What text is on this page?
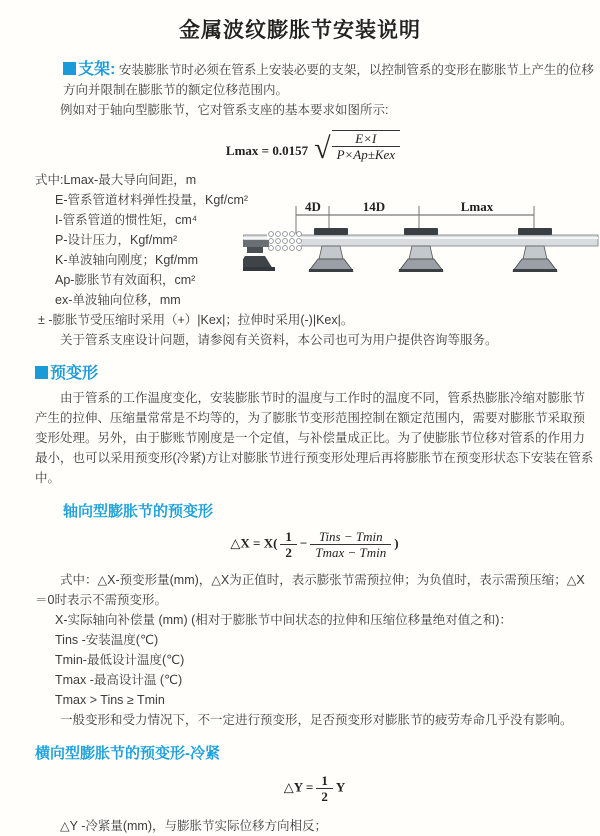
金属波纹膨胀节安装说明

支架: 安装膨胀节时必须在管系上安装必要的支架，以控制管系的变形在膨胀节上产生的位移方向并限制在膨胀节的额定位移范围内。

例如对于轴向型膨胀节，它对管系支座的基本要求如图所示:

Lmax = 0.0157 √ $\frac{E\times I}{\text{P×Ap±Kex}}$

式中:Lmax-最大导向间距，m

E-管系管道材料弹性投量，Kgf/cm²

I-管系管道的惯性矩，cm⁴

P-设计压力，Kgf/mm²

K-单波轴向刚度；Kgf/mm

Ap-膨胀节有效面积，cm²

ex-单波轴向位移，mm

4D	14D	Lmax

± -膨胀节受压缩时采用（+）|Kex|；拉伸时采用(-)|Kex|。

关于管系支座设计问题，请参阅有关资料，本公司也可为用户提供咨询等服务。

预变形

由于管系的工作温度变化，安装膨胀节时的温度与工作时的温度不同，管系热膨胀冷缩对膨胀节产生的拉伸、压缩量常常是不均等的，为了膨胀节变形范围控制在额定范围内，需要对膨胀节采取预变形处理。另外，由于膨账节刚度是一个定值，与补偿量成正比。为了使膨胀节位移对管系的作用力最小，也可以采用预变形(冷紧)方让对膨胀节进行预变形处理后再将膨胀节在预变形状态下安装在管系中。

轴向型膨胀节的预变形
△X = $X( \frac{1}{2} - \frac{\text{Tins − Tmin}}{Tmax - Tmin}$ )

式中：△X-预变形量(mm)，△X为正值时，表示膨张节需预拉伸；为负值时，表示需预压缩；△X＝0时表示不需预变形。

X-实际轴向补偿量 (mm) (相对于膨胀节中间状态的拉伸和压缩位移量绝对值之和)：

Tins -安装温度(℃)

Tmin-最低设计温度(℃)

Tmax -最高设计温 (℃)

Tmax > Tins ≥ Tmin

一般变形和受力情况下，不一定进行预变形，足否预变形对膨胀节的疲劳寿命几乎没有影响。

横向型膨胀节的预变形-冷紧
△Y = $\frac{1}{2}$ Y

△Y -冷紧量(mm)，与膨胀节实际位移方向相反；
